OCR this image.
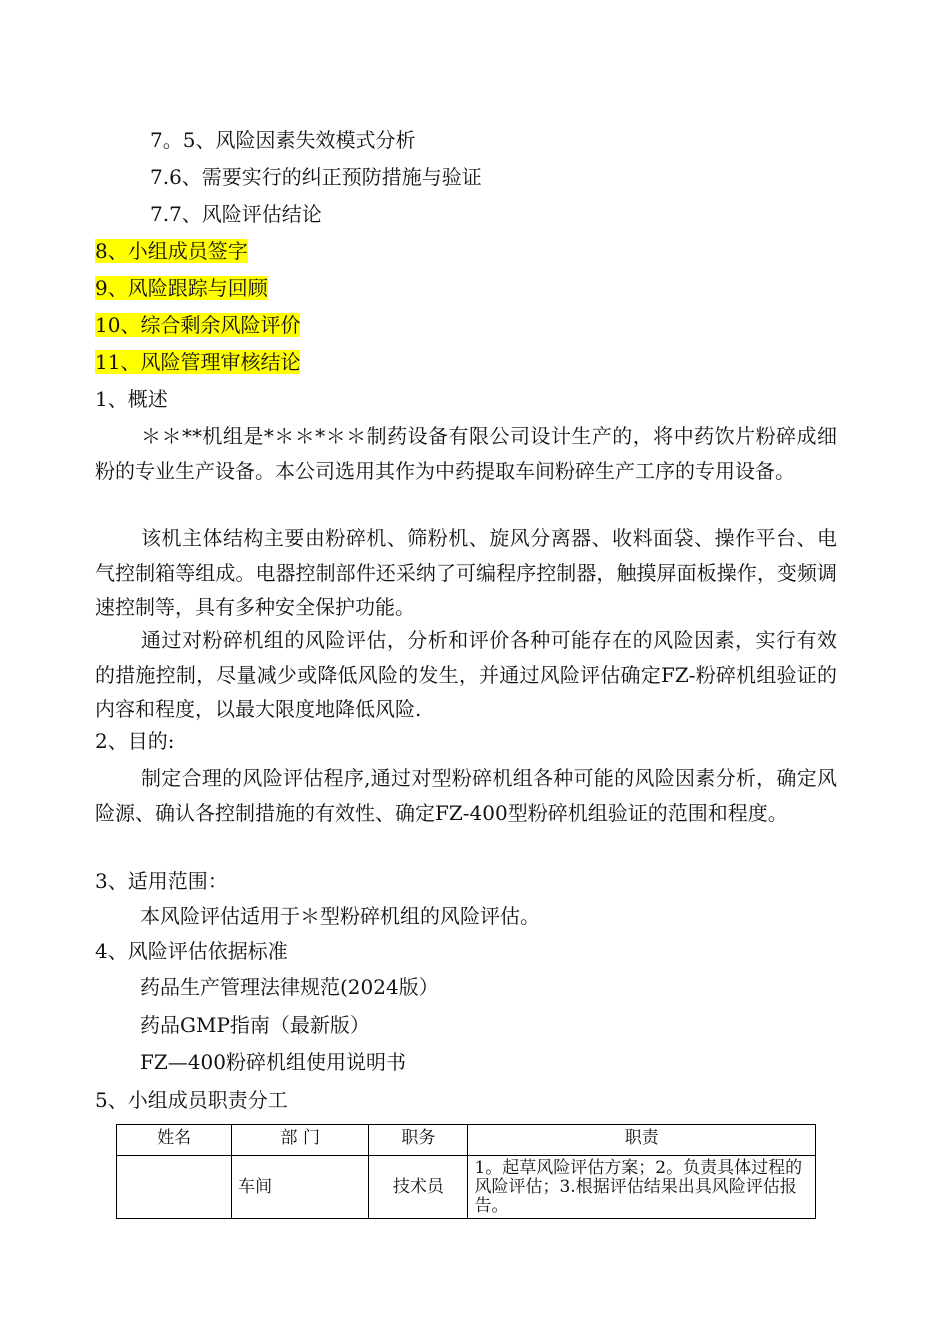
7。5、风险因素失效模式分析
7.6、需要实行的纠正预防措施与验证
7.7、风险评估结论
8、小组成员签字
9、风险跟踪与回顾
10、综合剩余风险评价
11、风险管理审核结论
1、概述

＊＊**机组是*＊＊*＊＊制药设备有限公司设计生产的，将中药饮片粉碎成细粉的专业生产设备。本公司选用其作为中药提取车间粉碎生产工序的专用设备。

该机主体结构主要由粉碎机、筛粉机、旋风分离器、收料面袋、操作平台、电气控制箱等组成。电器控制部件还采纳了可编程序控制器，触摸屏面板操作，变频调速控制等，具有多种安全保护功能。

通过对粉碎机组的风险评估，分析和评价各种可能存在的风险因素，实行有效的措施控制，尽量减少或降低风险的发生，并通过风险评估确定FZ-粉碎机组验证的内容和程度，以最大限度地降低风险.

2、目的:

制定合理的风险评估程序,通过对型粉碎机组各种可能的风险因素分析，确定风险源、确认各控制措施的有效性、确定FZ-400型粉碎机组验证的范围和程度。

3、适用范围：
本风险评估适用于＊型粉碎机组的风险评估。
4、风险评估依据标准
药品生产管理法律规范(2024版）
药品GMP指南（最新版）
FZ—400粉碎机组使用说明书
5、小组成员职责分工
姓名	部 门	职务	职责
	车间	技术员	1。起草风险评估方案；2。负责具体过程的风险评估；3.根据评估结果出具风险评估报告。
